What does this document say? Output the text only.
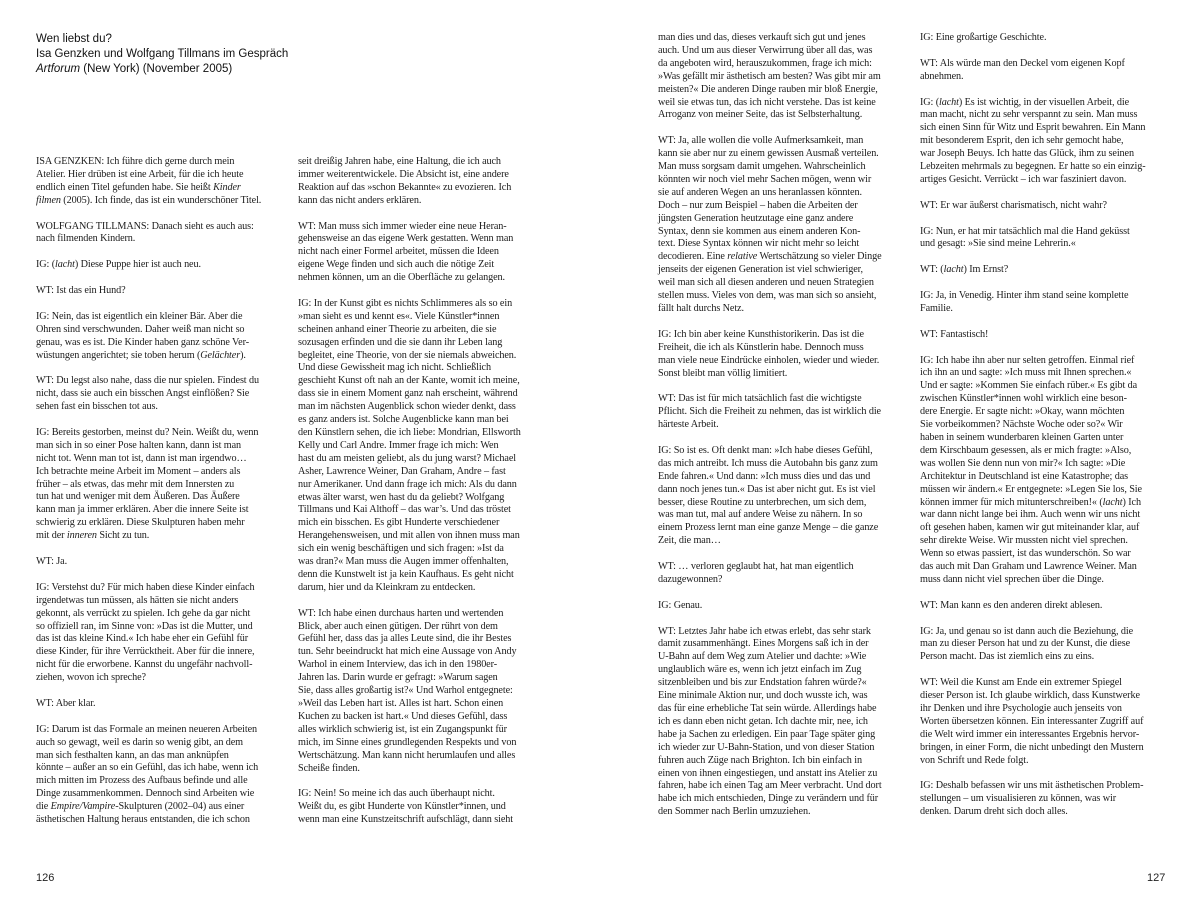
Wen liebst du?
Isa Genzken und Wolfgang Tillmans im Gespräch
Artforum (New York) (November 2005)

ISA GENZKEN: Ich führe dich gerne durch mein
Atelier. Hier drüben ist eine Arbeit, für die ich heute
endlich einen Titel gefunden habe. Sie heißt Kinder
filmen (2005). Ich finde, das ist ein wunderschöner Titel.

WOLFGANG TILLMANS: Danach sieht es auch aus:
nach filmenden Kindern.

IG: (lacht) Diese Puppe hier ist auch neu.

WT: Ist das ein Hund?

IG: Nein, das ist eigentlich ein kleiner Bär. Aber die
Ohren sind verschwunden. Daher weiß man nicht so
genau, was es ist. Die Kinder haben ganz schöne Ver-
wüstungen angerichtet; sie toben herum (Gelächter).

WT: Du legst also nahe, dass die nur spielen. Findest du
nicht, dass sie auch ein bisschen Angst einflößen? Sie
sehen fast ein bisschen tot aus.

IG: Bereits gestorben, meinst du? Nein. Weißt du, wenn
man sich in so einer Pose halten kann, dann ist man
nicht tot. Wenn man tot ist, dann ist man irgendwo…
Ich betrachte meine Arbeit im Moment – anders als
früher – als etwas, das mehr mit dem Innersten zu
tun hat und weniger mit dem Äußeren. Das Äußere
kann man ja immer erklären. Aber die innere Seite ist
schwierig zu erklären. Diese Skulpturen haben mehr
mit der inneren Sicht zu tun.

WT: Ja.

IG: Verstehst du? Für mich haben diese Kinder einfach
irgendetwas tun müssen, als hätten sie nicht anders
gekonnt, als verrückt zu spielen. Ich gehe da gar nicht
so offiziell ran, im Sinne von: »Das ist die Mutter, und
das ist das kleine Kind.« Ich habe eher ein Gefühl für
diese Kinder, für ihre Verrücktheit. Aber für die innere,
nicht für die erworbene. Kannst du ungefähr nachvoll-
ziehen, wovon ich spreche?

WT: Aber klar.

IG: Darum ist das Formale an meinen neueren Arbeiten
auch so gewagt, weil es darin so wenig gibt, an dem
man sich festhalten kann, an das man anknüpfen
könnte – außer an so ein Gefühl, das ich habe, wenn ich
mich mitten im Prozess des Aufbaus befinde und alle
Dinge zusammenkommen. Dennoch sind Arbeiten wie
die Empire/Vampire-Skulpturen (2002–04) aus einer
ästhetischen Haltung heraus entstanden, die ich schon

seit dreißig Jahren habe, eine Haltung, die ich auch
immer weiterentwickele. Die Absicht ist, eine andere
Reaktion auf das »schon Bekannte« zu evozieren. Ich
kann das nicht anders erklären.

WT: Man muss sich immer wieder eine neue Heran-
gehensweise an das eigene Werk gestatten. Wenn man
nicht nach einer Formel arbeitet, müssen die Ideen
eigene Wege finden und sich auch die nötige Zeit
nehmen können, um an die Oberfläche zu gelangen.

IG: In der Kunst gibt es nichts Schlimmeres als so ein
»man sieht es und kennt es«. Viele Künstler*innen
scheinen anhand einer Theorie zu arbeiten, die sie
sozusagen erfinden und die sie dann ihr Leben lang
begleitet, eine Theorie, von der sie niemals abweichen.
Und diese Gewissheit mag ich nicht. Schließlich
geschieht Kunst oft nah an der Kante, womit ich meine,
dass sie in einem Moment ganz nah erscheint, während
man im nächsten Augenblick schon wieder denkt, dass
es ganz anders ist. Solche Augenblicke kann man bei
den Künstlern sehen, die ich liebe: Mondrian, Ellsworth
Kelly und Carl Andre. Immer frage ich mich: Wen
hast du am meisten geliebt, als du jung warst? Michael
Asher, Lawrence Weiner, Dan Graham, Andre – fast
nur Amerikaner. Und dann frage ich mich: Als du dann
etwas älter warst, wen hast du da geliebt? Wolfgang
Tillmans und Kai Althoff – das war’s. Und das tröstet
mich ein bisschen. Es gibt Hunderte verschiedener
Herangehensweisen, und mit allen von ihnen muss man
sich ein wenig beschäftigen und sich fragen: »Ist da
was dran?« Man muss die Augen immer offenhalten,
denn die Kunstwelt ist ja kein Kaufhaus. Es geht nicht
darum, hier und da Kleinkram zu entdecken.

WT: Ich habe einen durchaus harten und wertenden
Blick, aber auch einen gütigen. Der rührt von dem
Gefühl her, dass das ja alles Leute sind, die ihr Bestes
tun. Sehr beeindruckt hat mich eine Aussage von Andy
Warhol in einem Interview, das ich in den 1980er-
Jahren las. Darin wurde er gefragt: »Warum sagen
Sie, dass alles großartig ist?« Und Warhol entgegnete:
»Weil das Leben hart ist. Alles ist hart. Schon einen
Kuchen zu backen ist hart.« Und dieses Gefühl, dass
alles wirklich schwierig ist, ist ein Zugangspunkt für
mich, im Sinne eines grundlegenden Respekts und von
Wertschätzung. Man kann nicht herumlaufen und alles
Scheiße finden.

IG: Nein! So meine ich das auch überhaupt nicht.
Weißt du, es gibt Hunderte von Künstler*innen, und
wenn man eine Kunstzeitschrift aufschlägt, dann sieht

man dies und das, dieses verkauft sich gut und jenes
auch. Und um aus dieser Verwirrung über all das, was
da angeboten wird, herauszukommen, frage ich mich:
»Was gefällt mir ästhetisch am besten? Was gibt mir am
meisten?« Die anderen Dinge rauben mir bloß Energie,
weil sie etwas tun, das ich nicht verstehe. Das ist keine
Arroganz von meiner Seite, das ist Selbsterhaltung.

WT: Ja, alle wollen die volle Aufmerksamkeit, man
kann sie aber nur zu einem gewissen Ausmaß verteilen.
Man muss sorgsam damit umgehen. Wahrscheinlich
könnten wir noch viel mehr Sachen mögen, wenn wir
sie auf anderen Wegen an uns heranlassen könnten.
Doch – nur zum Beispiel – haben die Arbeiten der
jüngsten Generation heutzutage eine ganz andere
Syntax, denn sie kommen aus einem anderen Kon-
text. Diese Syntax können wir nicht mehr so leicht
decodieren. Eine relative Wertschätzung so vieler Dinge
jenseits der eigenen Generation ist viel schwieriger,
weil man sich all diesen anderen und neuen Strategien
stellen muss. Vieles von dem, was man sich so ansieht,
fällt halt durchs Netz.

IG: Ich bin aber keine Kunsthistorikerin. Das ist die
Freiheit, die ich als Künstlerin habe. Dennoch muss
man viele neue Eindrücke einholen, wieder und wieder.
Sonst bleibt man völlig limitiert.

WT: Das ist für mich tatsächlich fast die wichtigste
Pflicht. Sich die Freiheit zu nehmen, das ist wirklich die
härteste Arbeit.

IG: So ist es. Oft denkt man: »Ich habe dieses Gefühl,
das mich antreibt. Ich muss die Autobahn bis ganz zum
Ende fahren.« Und dann: »Ich muss dies und das und
dann noch jenes tun.« Das ist aber nicht gut. Es ist viel
besser, diese Routine zu unterbrechen, um sich dem,
was man tut, mal auf andere Weise zu nähern. In so
einem Prozess lernt man eine ganze Menge – die ganze
Zeit, die man…

WT: … verloren geglaubt hat, hat man eigentlich
dazugewonnen?

IG: Genau.

WT: Letztes Jahr habe ich etwas erlebt, das sehr stark
damit zusammenhängt. Eines Morgens saß ich in der
U-Bahn auf dem Weg zum Atelier und dachte: »Wie
unglaublich wäre es, wenn ich jetzt einfach im Zug
sitzenbleiben und bis zur Endstation fahren würde?«
Eine minimale Aktion nur, und doch wusste ich, was
das für eine erhebliche Tat sein würde. Allerdings habe
ich es dann eben nicht getan. Ich dachte mir, nee, ich
habe ja Sachen zu erledigen. Ein paar Tage später ging
ich wieder zur U-Bahn-Station, und von dieser Station
fuhren auch Züge nach Brighton. Ich bin einfach in
einen von ihnen eingestiegen, und anstatt ins Atelier zu
fahren, habe ich einen Tag am Meer verbracht. Und dort
habe ich mich entschieden, Dinge zu verändern und für
den Sommer nach Berlin umzuziehen.

IG: Eine großartige Geschichte.

WT: Als würde man den Deckel vom eigenen Kopf
abnehmen.

IG: (lacht) Es ist wichtig, in der visuellen Arbeit, die
man macht, nicht zu sehr verspannt zu sein. Man muss
sich einen Sinn für Witz und Esprit bewahren. Ein Mann
mit besonderem Esprit, den ich sehr gemocht habe,
war Joseph Beuys. Ich hatte das Glück, ihm zu seinen
Lebzeiten mehrmals zu begegnen. Er hatte so ein einzig-
artiges Gesicht. Verrückt – ich war fasziniert davon.

WT: Er war äußerst charismatisch, nicht wahr?

IG: Nun, er hat mir tatsächlich mal die Hand geküsst
und gesagt: »Sie sind meine Lehrerin.«

WT: (lacht) Im Ernst?

IG: Ja, in Venedig. Hinter ihm stand seine komplette
Familie.

WT: Fantastisch!

IG: Ich habe ihn aber nur selten getroffen. Einmal rief
ich ihn an und sagte: »Ich muss mit Ihnen sprechen.«
Und er sagte: »Kommen Sie einfach rüber.« Es gibt da
zwischen Künstler*innen wohl wirklich eine beson-
dere Energie. Er sagte nicht: »Okay, wann möchten
Sie vorbeikommen? Nächste Woche oder so?« Wir
haben in seinem wunderbaren kleinen Garten unter
dem Kirschbaum gesessen, als er mich fragte: »Also,
was wollen Sie denn nun von mir?« Ich sagte: »Die
Architektur in Deutschland ist eine Katastrophe; das
müssen wir ändern.« Er entgegnete: »Legen Sie los, Sie
können immer für mich mitunterschreiben!« (lacht) Ich
war dann nicht lange bei ihm. Auch wenn wir uns nicht
oft gesehen haben, kamen wir gut miteinander klar, auf
sehr direkte Weise. Wir mussten nicht viel sprechen.
Wenn so etwas passiert, ist das wunderschön. So war
das auch mit Dan Graham und Lawrence Weiner. Man
muss dann nicht viel sprechen über die Dinge.

WT: Man kann es den anderen direkt ablesen.

IG: Ja, und genau so ist dann auch die Beziehung, die
man zu dieser Person hat und zu der Kunst, die diese
Person macht. Das ist ziemlich eins zu eins.

WT: Weil die Kunst am Ende ein extremer Spiegel
dieser Person ist. Ich glaube wirklich, dass Kunstwerke
ihr Denken und ihre Psychologie auch jenseits von
Worten übersetzen können. Ein interessanter Zugriff auf
die Welt wird immer ein interessantes Ergebnis hervor-
bringen, in einer Form, die nicht unbedingt den Mustern
von Schrift und Rede folgt.

IG: Deshalb befassen wir uns mit ästhetischen Problem-
stellungen – um visualisieren zu können, was wir
denken. Darum dreht sich doch alles.

126	127
